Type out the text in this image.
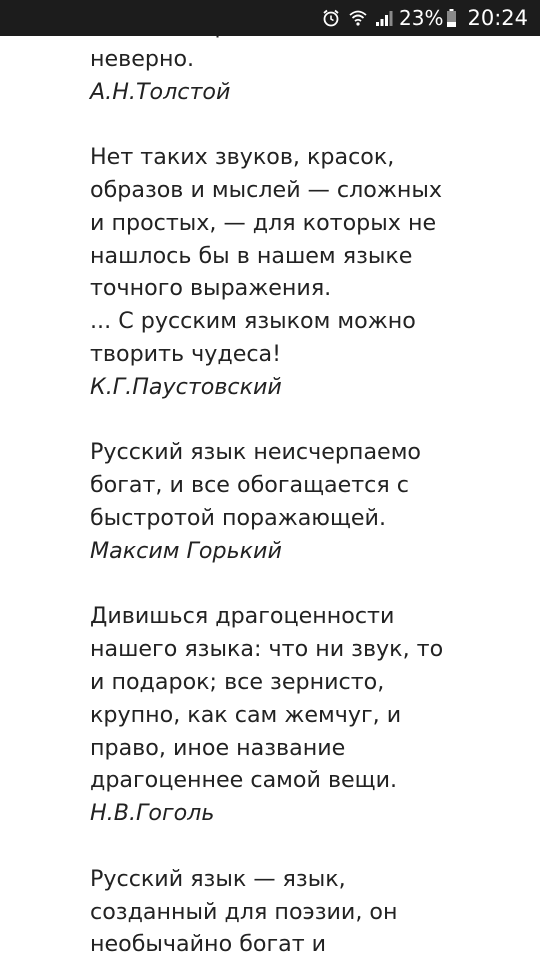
23% 20:24
неверно.
А.Н.Толстой
Нет таких звуков, красок,
образов и мыслей — сложных
и простых, — для которых не
нашлось бы в нашем языке
точного выражения.
... С русским языком можно
творить чудеса!
К.Г.Паустовский
Русский язык неисчерпаемо
богат, и все обогащается с
быстротой поражающей.
Максим Горький
Дивишься драгоценности
нашего языка: что ни звук, то
и подарок; все зернисто,
крупно, как сам жемчуг, и
право, иное название
драгоценнее самой вещи.
Н.В.Гоголь
Русский язык — язык,
созданный для поэзии, он
необычайно богат и
